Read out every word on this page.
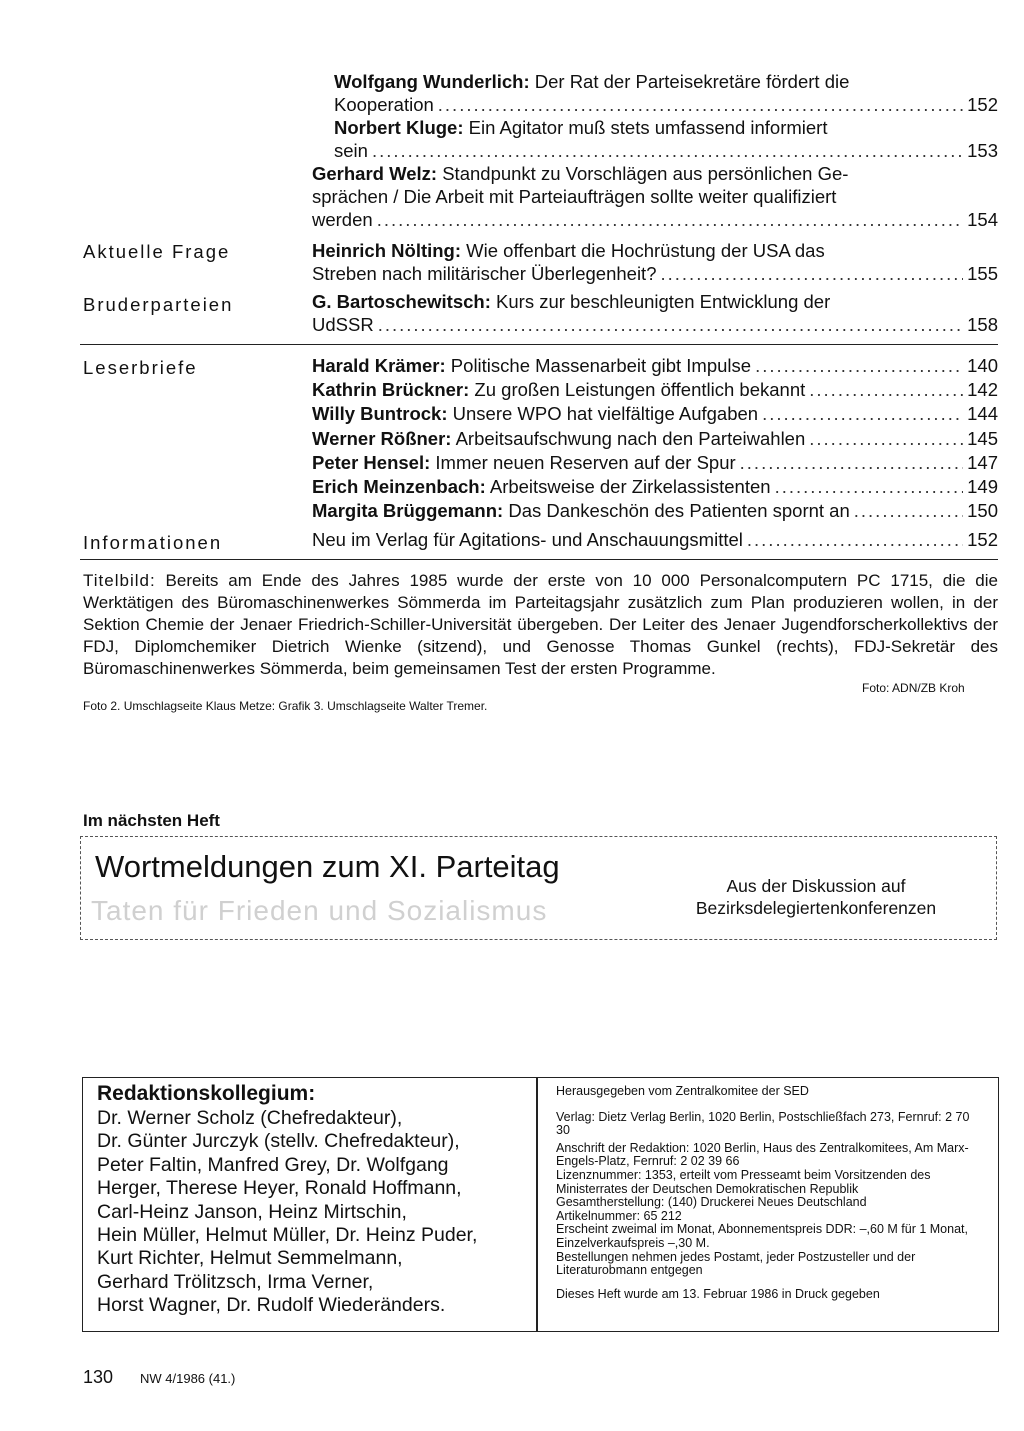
Wolfgang Wunderlich: Der Rat der Parteisekretäre fördert die
Kooperation .....	152
Norbert Kluge: Ein Agitator muß stets umfassend informiert
sein .....	153
Gerhard Welz: Standpunkt zu Vorschlägen aus persönlichen Ge-
sprächen / Die Arbeit mit Parteiaufträgen sollte weiter qualifiziert
werden .....	154
Aktuelle Frage	Heinrich Nölting: Wie offenbart die Hochrüstung der USA das
Streben nach militärischer Überlegenheit? .....	155
Bruderparteien	G. Bartoschewitsch: Kurs zur beschleunigten Entwicklung der
UdSSR .....	158
Leserbriefe	Harald Krämer: Politische Massenarbeit gibt Impulse .....	140
Kathrin Brückner: Zu großen Leistungen öffentlich bekannt .....	142
Willy Buntrock: Unsere WPO hat vielfältige Aufgaben .....	144
Werner Rößner: Arbeitsaufschwung nach den Parteiwahlen .....	145
Peter Hensel: Immer neuen Reserven auf der Spur .....	147
Erich Meinzenbach: Arbeitsweise der Zirkelassistenten .....	149
Margita Brüggemann: Das Dankeschön des Patienten spornt an .....	150
Informationen	Neu im Verlag für Agitations- und Anschauungsmittel .....	152
Titelbild: Bereits am Ende des Jahres 1985 wurde der erste von 10 000 Personalcomputern PC 1715, die die Werktätigen des Büromaschinenwerkes Sömmerda im Parteitagsjahr zusätzlich zum Plan produzieren wollen, in der Sektion Chemie der Jenaer Friedrich-Schiller-Universität übergeben. Der Leiter des Jenaer Jugendforscherkollektivs der FDJ, Diplomchemiker Dietrich Wienke (sitzend), und Genosse Thomas Gunkel (rechts), FDJ-Sekretär des Büromaschinenwerkes Sömmerda, beim gemeinsamen Test der ersten Programme.
Foto: ADN/ZB Kroh
Foto 2. Umschlagseite Klaus Metze: Grafik 3. Umschlagseite Walter Tremer.
Im nächsten Heft
Wortmeldungen zum XI. Parteitag
Taten für Frieden und Sozialismus
Aus der Diskussion auf
Bezirksdelegiertenkonferenzen
Redaktionskollegium:
Dr. Werner Scholz (Chefredakteur),
Dr. Günter Jurczyk (stellv. Chefredakteur),
Peter Faltin, Manfred Grey, Dr. Wolfgang
Herger, Therese Heyer, Ronald Hoffmann,
Carl-Heinz Janson, Heinz Mirtschin,
Hein Müller, Helmut Müller, Dr. Heinz Puder,
Kurt Richter, Helmut Semmelmann,
Gerhard Trölitzsch, Irma Verner,
Horst Wagner, Dr. Rudolf Wiederänders.
Herausgegeben vom Zentralkomitee der SED
Verlag: Dietz Verlag Berlin, 1020 Berlin, Postschließfach 273, Fernruf: 2 70 30
Anschrift der Redaktion: 1020 Berlin, Haus des Zentralkomitees, Am Marx-Engels-Platz, Fernruf: 2 02 39 66
Lizenznummer: 1353, erteilt vom Presseamt beim Vorsitzenden des Ministerrates der Deutschen Demokratischen Republik
Gesamtherstellung: (140) Druckerei Neues Deutschland
Artikelnummer: 65 212
Erscheint zweimal im Monat, Abonnementspreis DDR: –,60 M für 1 Monat, Einzelverkaufspreis –,30 M.
Bestellungen nehmen jedes Postamt, jeder Postzusteller und der Literaturobmann entgegen
Dieses Heft wurde am 13. Februar 1986 in Druck gegeben
130 NW 4/1986 (41.)
